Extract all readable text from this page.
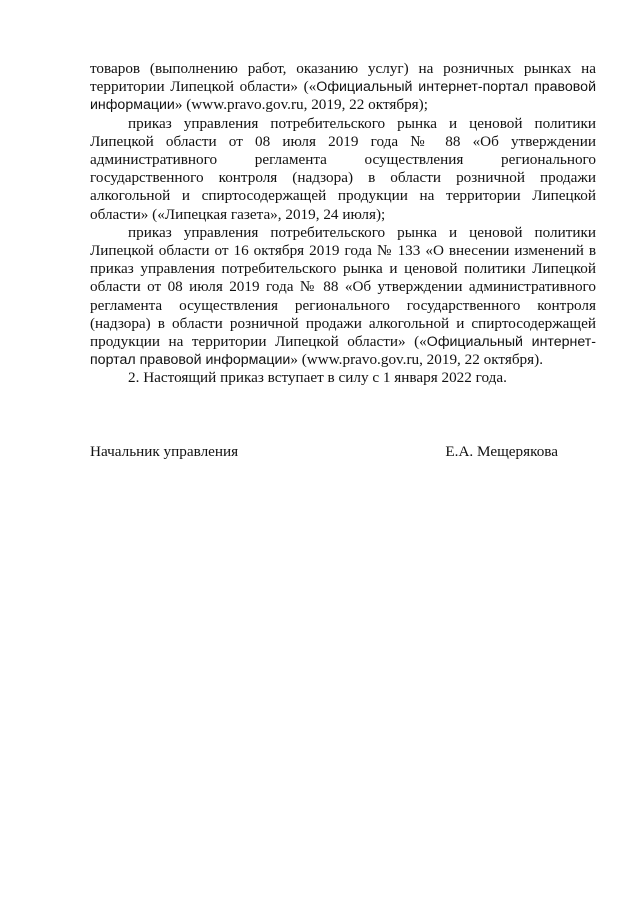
товаров (выполнению работ, оказанию услуг) на розничных рынках на территории Липецкой области» («Официальный интернет-портал правовой информации» (www.pravo.gov.ru, 2019, 22 октября);

приказ управления потребительского рынка и ценовой политики Липецкой области от 08 июля 2019 года № 88 «Об утверждении административного регламента осуществления регионального государственного контроля (надзора) в области розничной продажи алкогольной и спиртосодержащей продукции на территории Липецкой области» («Липецкая газета», 2019, 24 июля);

приказ управления потребительского рынка и ценовой политики Липецкой области от 16 октября 2019 года № 133 «О внесении изменений в приказ управления потребительского рынка и ценовой политики Липецкой области от 08 июля 2019 года № 88 «Об утверждении административного регламента осуществления регионального государственного контроля (надзора) в области розничной продажи алкогольной и спиртосодержащей продукции на территории Липецкой области» («Официальный интернет-портал правовой информации» (www.pravo.gov.ru, 2019, 22 октября).

2. Настоящий приказ вступает в силу с 1 января 2022 года.

Начальник управления	Е.А. Мещерякова
